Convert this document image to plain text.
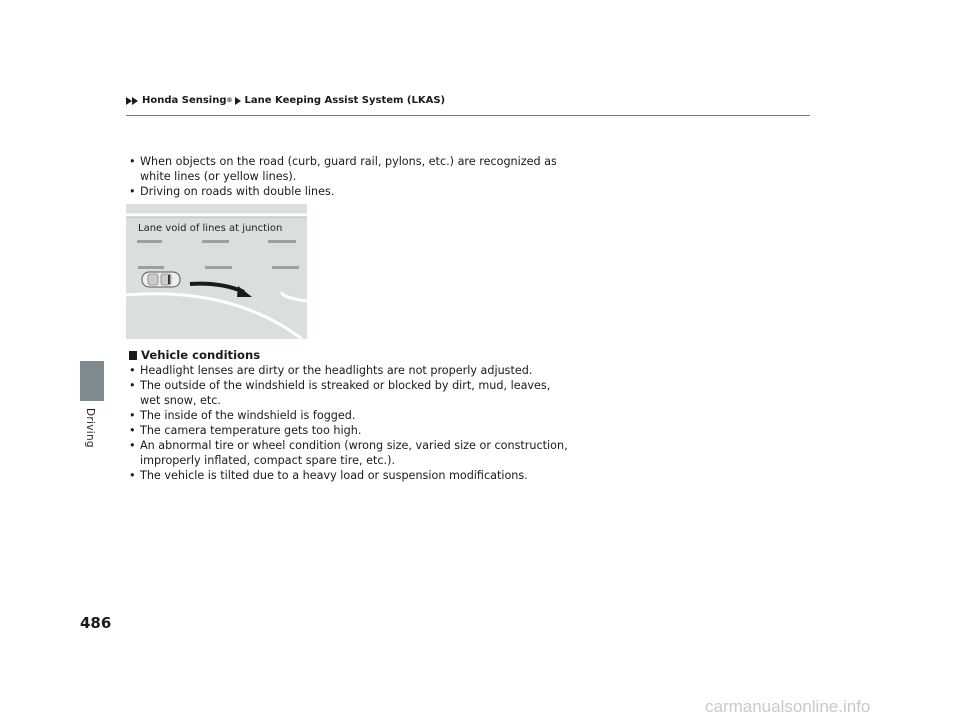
Honda Sensing ® Lane Keeping Assist System (LKAS)
Driving

• When objects on the road (curb, guard rail, pylons, etc.) are recognized as white lines (or yellow lines).

• Driving on roads with double lines.

Lane void of lines at junction
Vehicle conditions

• Headlight lenses are dirty or the headlights are not properly adjusted.

• The outside of the windshield is streaked or blocked by dirt, mud, leaves, wet snow, etc.

• The inside of the windshield is fogged.

• The camera temperature gets too high.

• An abnormal tire or wheel condition (wrong size, varied size or construction, improperly inflated, compact spare tire, etc.).

• The vehicle is tilted due to a heavy load or suspension modifications.

486
carmanualsonline.info
